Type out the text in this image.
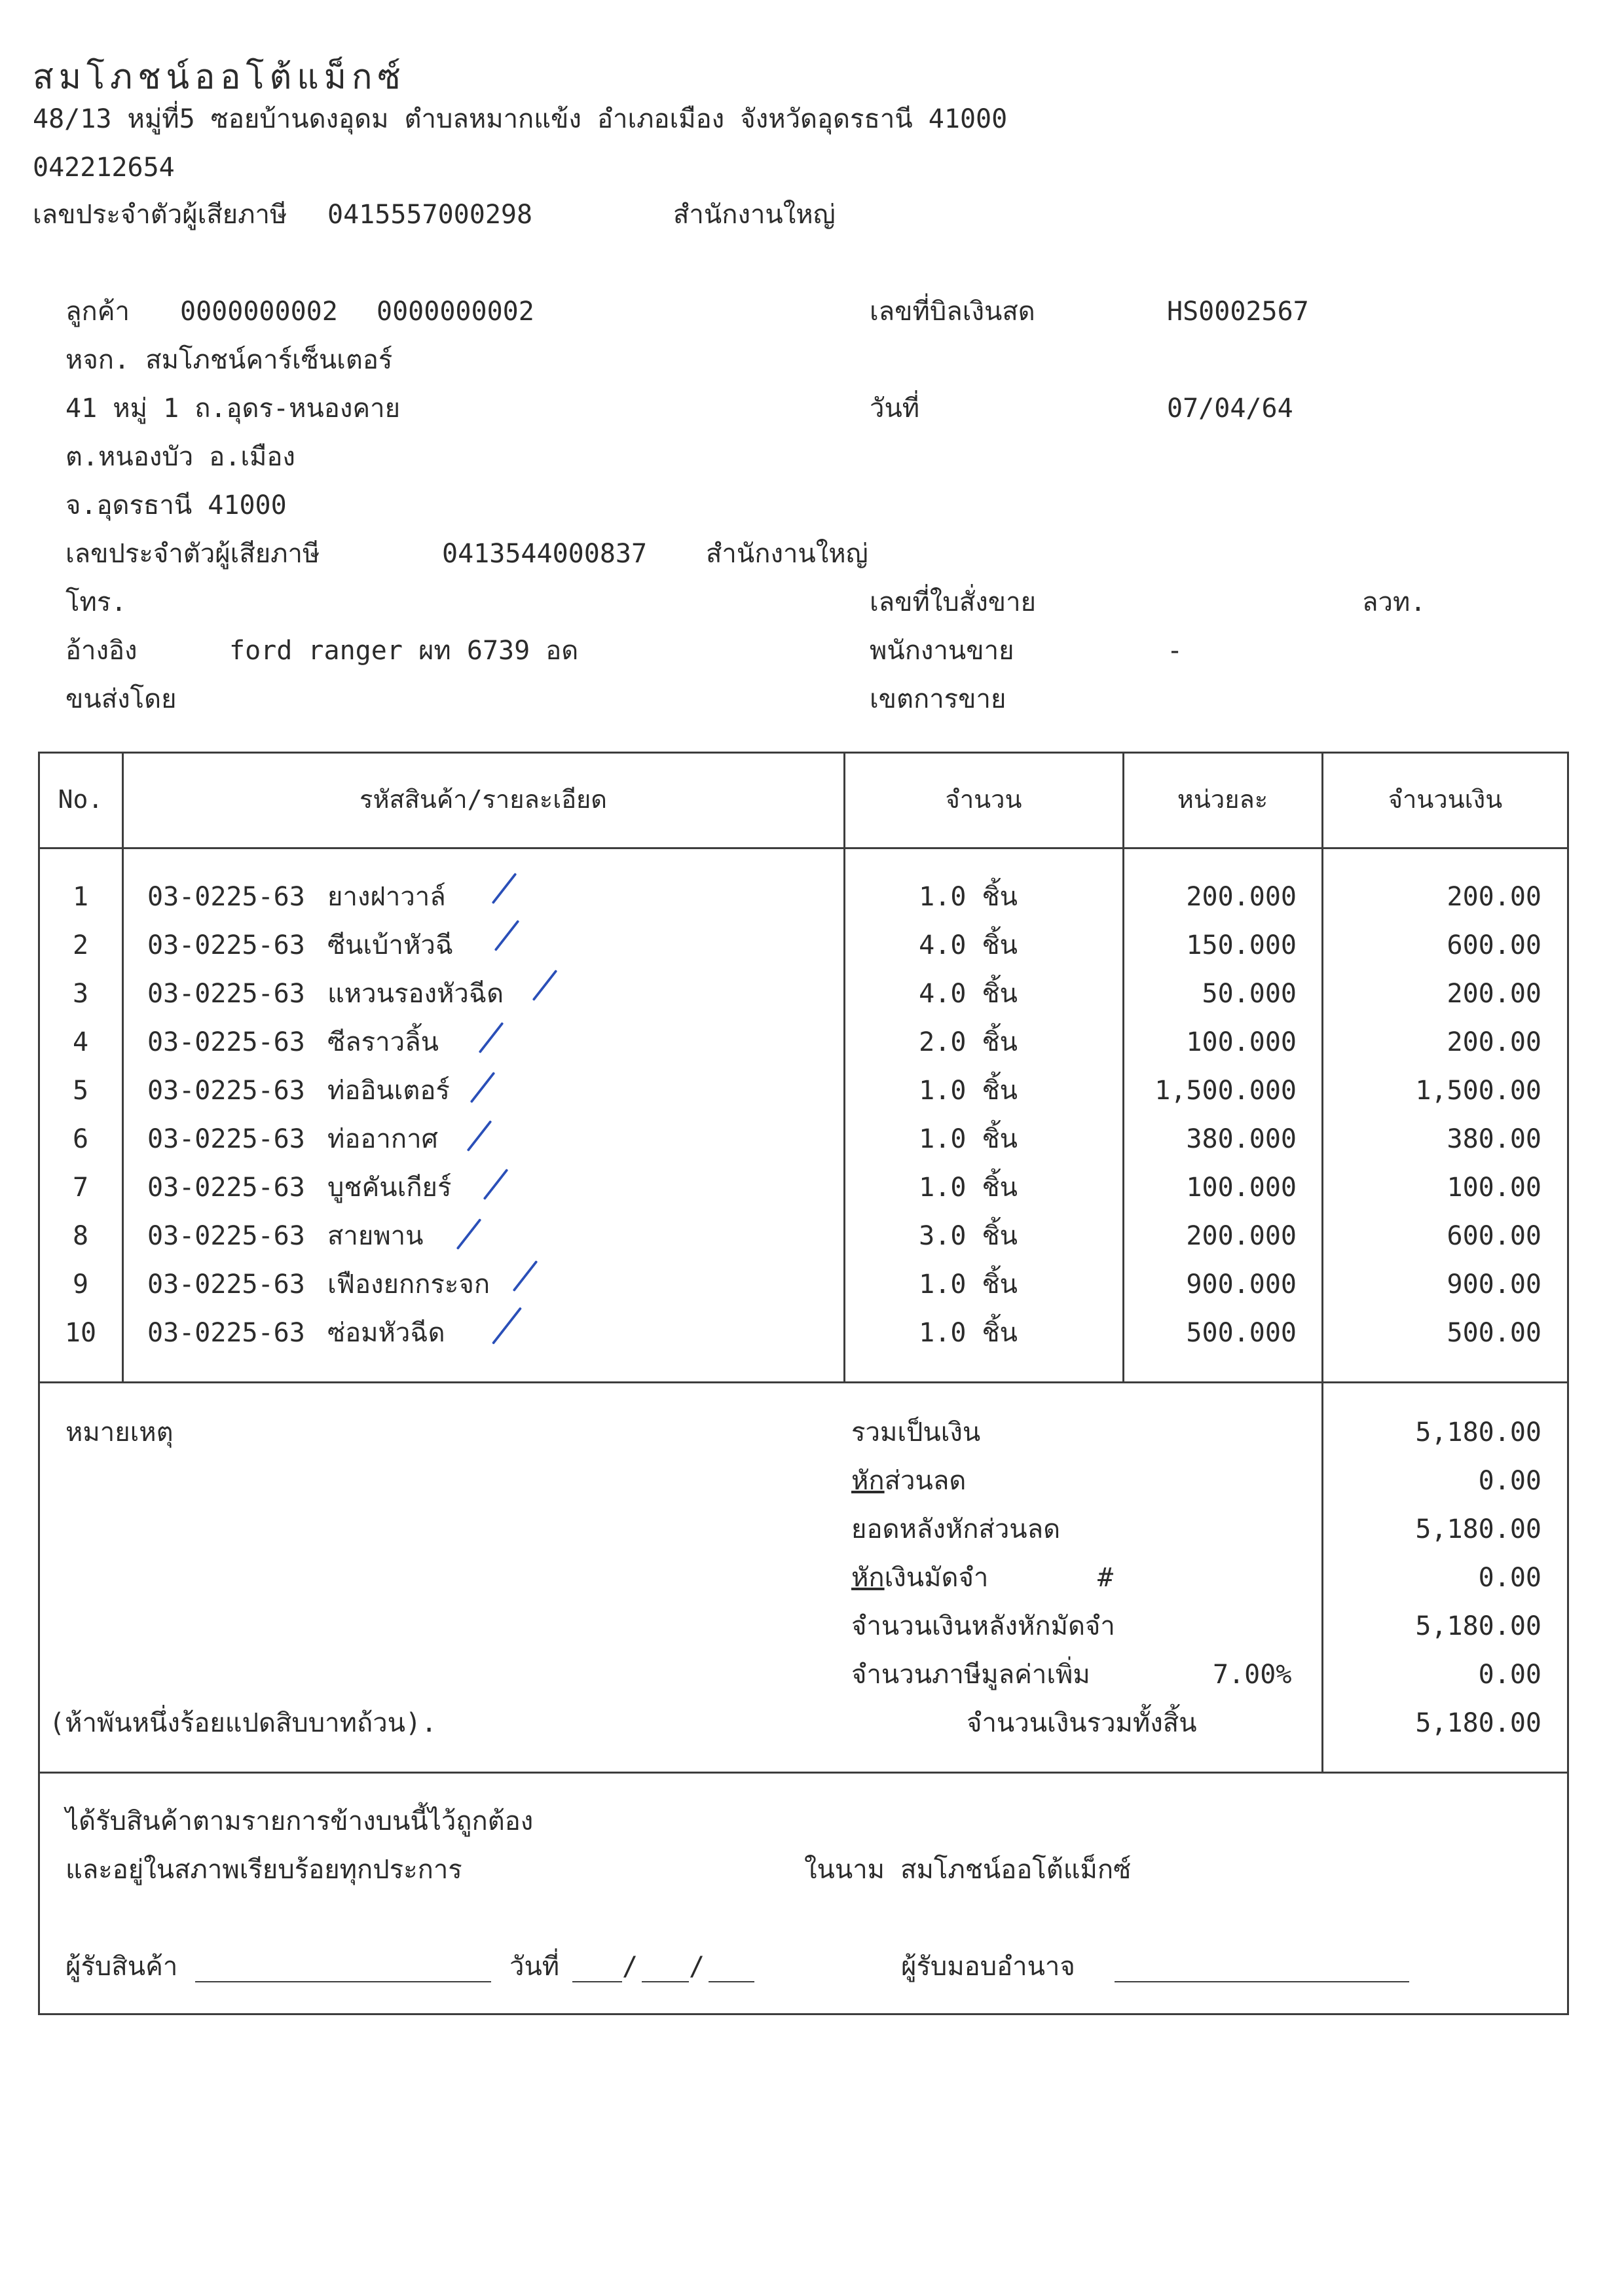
สมโภชน์ออโต้แม็กซ์
48/13 หมู่ที่5 ซอยบ้านดงอุดม ตำบลหมากแข้ง อำเภอเมือง จังหวัดอุดรธานี 41000
042212654
เลขประจำตัวผู้เสียภาษี 0415557000298	สำนักงานใหญ่
ลูกค้า 0000000002 0000000002
หจก. สมโภชน์คาร์เซ็นเตอร์
41 หมู่ 1 ถ.อุดร-หนองคาย
ต.หนองบัว อ.เมือง
จ.อุดรธานี 41000
เลขประจำตัวผู้เสียภาษี	0413544000837 สำนักงานใหญ่
โทร.
อ้างอิง	ford ranger ผท 6739 อด
ขนส่งโดย
เลขที่บิลเงินสด	HS0002567
วันที่	07/04/64
เลขที่ใบสั่งขาย	ลวท.
พนักงานขาย	-
เขตการขาย
No.	รหัสสินค้า/รายละเอียด	จำนวน	หน่วยละ	จำนวนเงิน
1	03-0225-63 ยางฝาวาล์	1.0 ชิ้น	200.000	200.00
2	03-0225-63 ซีนเบ้าหัวฉี	4.0 ชิ้น	150.000	600.00
3	03-0225-63 แหวนรองหัวฉีด	4.0 ชิ้น	50.000	200.00
4	03-0225-63 ซีลราวลิ้น	2.0 ชิ้น	100.000	200.00
5	03-0225-63 ท่ออินเตอร์	1.0 ชิ้น	1,500.000	1,500.00
6	03-0225-63 ท่ออากาศ	1.0 ชิ้น	380.000	380.00
7	03-0225-63 บูชคันเกียร์	1.0 ชิ้น	100.000	100.00
8	03-0225-63 สายพาน	3.0 ชิ้น	200.000	600.00
9	03-0225-63 เฟืองยกกระจก	1.0 ชิ้น	900.000	900.00
10	03-0225-63 ซ่อมหัวฉีด	1.0 ชิ้น	500.000	500.00
หมายเหตุ	รวมเป็นเงิน	5,180.00
หักส่วนลด	0.00
ยอดหลังหักส่วนลด	5,180.00
หักเงินมัดจำ	#	0.00
จำนวนเงินหลังหักมัดจำ	5,180.00
จำนวนภาษีมูลค่าเพิ่ม	7.00%	0.00
(ห้าพันหนึ่งร้อยแปดสิบบาทถ้วน).	จำนวนเงินรวมทั้งสิ้น	5,180.00
ได้รับสินค้าตามรายการข้างบนนี้ไว้ถูกต้อง
และอยู่ในสภาพเรียบร้อยทุกประการ	ในนาม สมโภชน์ออโต้แม็กซ์
ผู้รับสินค้า	วันที่ / /	ผู้รับมอบอำนาจ
